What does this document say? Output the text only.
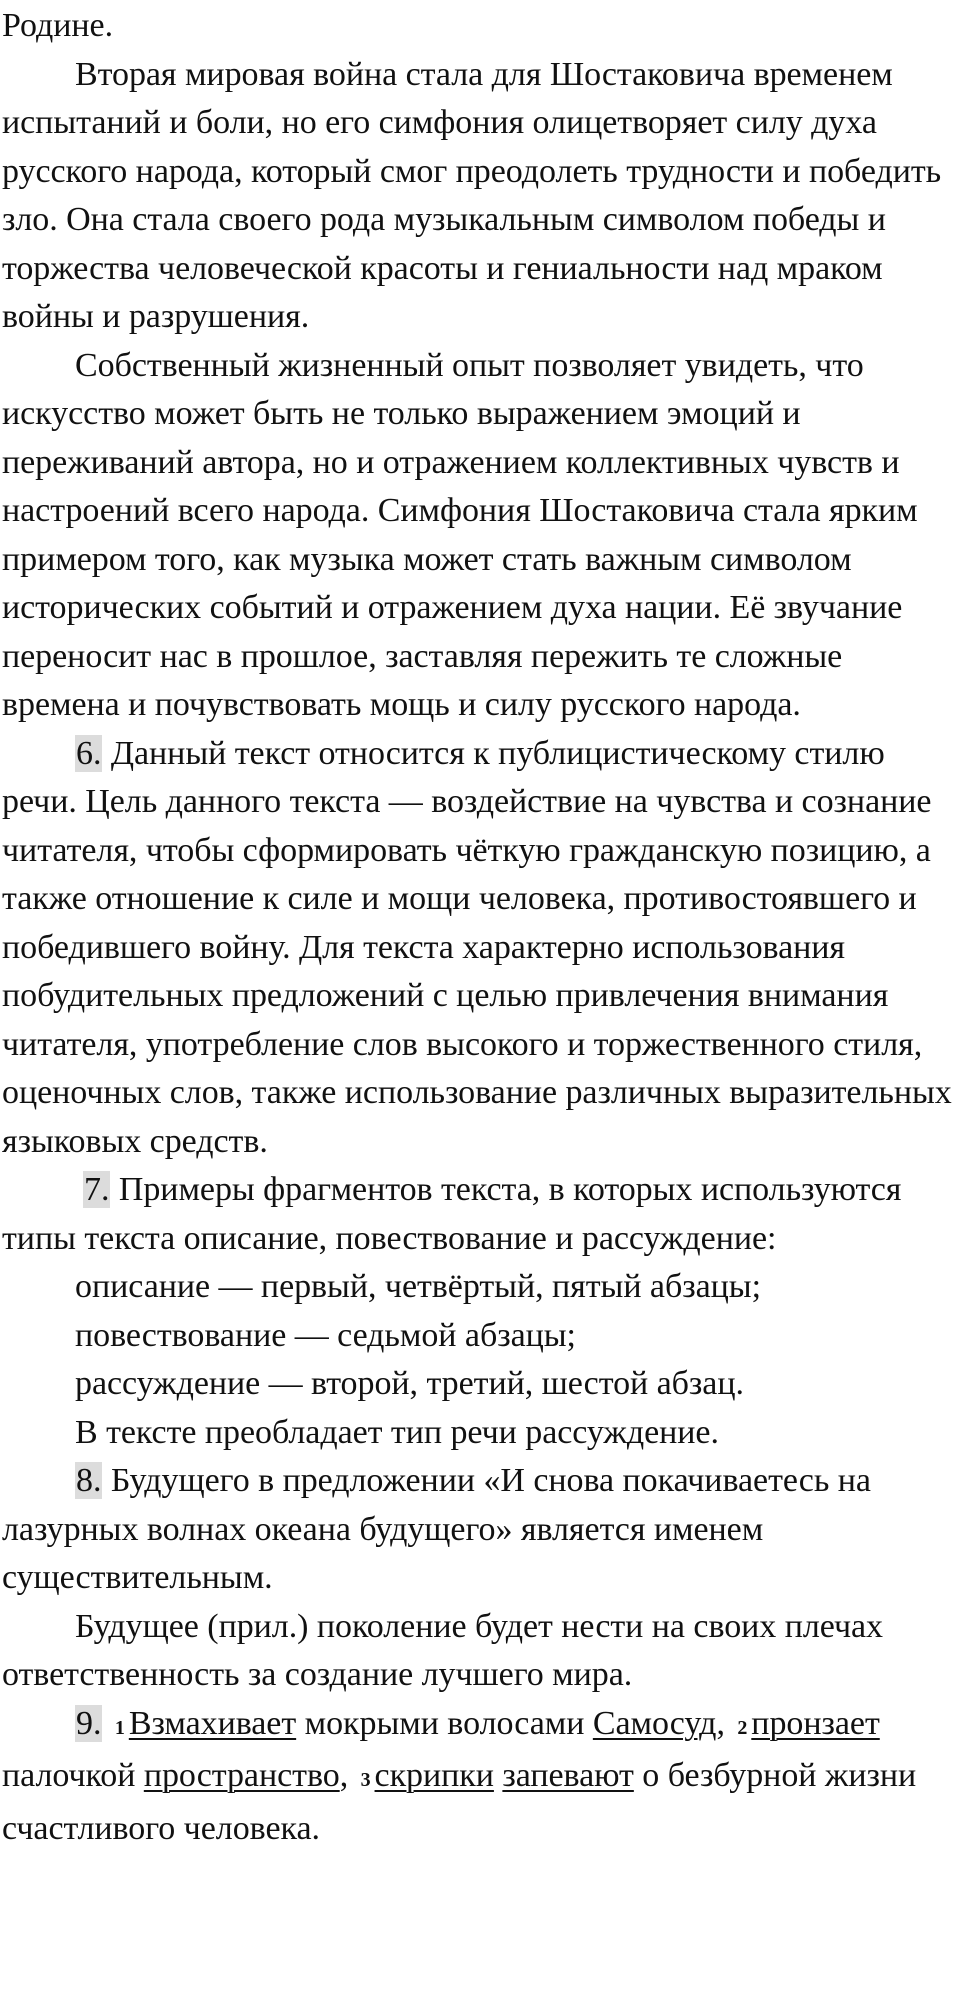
Родине.

Вторая мировая война стала для Шостаковича временем испытаний и боли, но его симфония олицетворяет силу духа русского народа, который смог преодолеть трудности и победить зло. Она стала своего рода музыкальным символом победы и торжества человеческой красоты и гениальности над мраком войны и разрушения.

Собственный жизненный опыт позволяет увидеть, что искусство может быть не только выражением эмоций и переживаний автора, но и отражением коллективных чувств и настроений всего народа. Симфония Шостаковича стала ярким примером того, как музыка может стать важным символом исторических событий и отражением духа нации. Её звучание переносит нас в прошлое, заставляя пережить те сложные времена и почувствовать мощь и силу русского народа.

6. Данный текст относится к публицистическому стилю речи. Цель данного текста — воздействие на чувства и сознание читателя, чтобы сформировать чёткую гражданскую позицию, а также отношение к силе и мощи человека, противостоявшего и победившего войну. Для текста характерно использования побудительных предложений с целью привлечения внимания читателя, употребление слов высокого и торжественного стиля, оценочных слов, также использование различных выразительных языковых средств.

7. Примеры фрагментов текста, в которых используются типы текста описание, повествование и рассуждение:

описание — первый, четвёртый, пятый абзацы;

повествование — седьмой абзацы;

рассуждение — второй, третий, шестой абзац.

В тексте преобладает тип речи рассуждение.

8. Будущего в предложении «И снова покачиваетесь на лазурных волнах океана будущего» является именем существительным.

Будущее (прил.) поколение будет нести на своих плечах ответственность за создание лучшего мира.

9. 1 Взмахивает мокрыми волосами Самосуд, 2 пронзает палочкой пространство, 3 скрипки запевают о безбурной жизни счастливого человека.
